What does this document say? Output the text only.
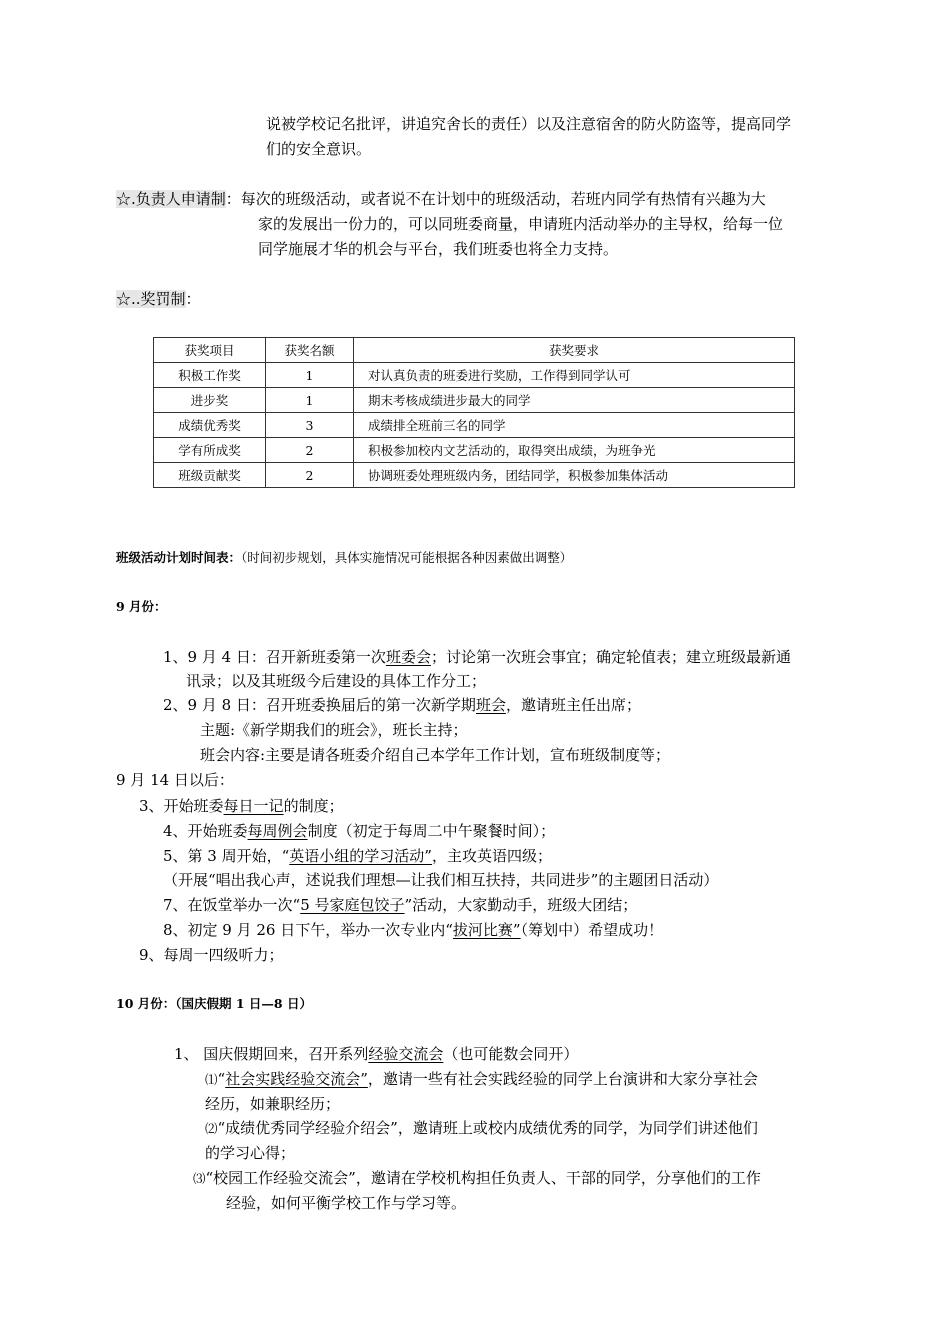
说被学校记名批评，讲追究舍长的责任）以及注意宿舍的防火防盗等，提高同学
们的安全意识。
☆.负责人申请制：每次的班级活动，或者说不在计划中的班级活动，若班内同学有热情有兴趣为大
家的发展出一份力的，可以同班委商量，申请班内活动举办的主导权，给每一位
同学施展才华的机会与平台，我们班委也将全力支持。
☆..奖罚制：
获奖项目	获奖名额	获奖要求
积极工作奖	1	对认真负责的班委进行奖励，工作得到同学认可
进步奖	1	期末考核成绩进步最大的同学
成绩优秀奖	3	成绩排全班前三名的同学
学有所成奖	2	积极参加校内文艺活动的，取得突出成绩，为班争光
班级贡献奖	2	协调班委处理班级内务，团结同学，积极参加集体活动
班级活动计划时间表：（时间初步规划，具体实施情况可能根据各种因素做出调整）
9 月份：
1、9 月 4 日：召开新班委第一次班委会；讨论第一次班会事宜；确定轮值表；建立班级最新通
讯录；以及其班级今后建设的具体工作分工；
2、9 月 8 日：召开班委换届后的第一次新学期班会，邀请班主任出席；
主题:《新学期我们的班会》，班长主持；
班会内容:主要是请各班委介绍自己本学年工作计划，宣布班级制度等；
9 月 14 日以后：
3、开始班委每日一记的制度；
4、开始班委每周例会制度（初定于每周二中午聚餐时间）；
5、第 3 周开始，“英语小组的学习活动”，主攻英语四级；
（开展“唱出我心声，述说我们理想—让我们相互扶持，共同进步”的主题团日活动）
7、在饭堂举办一次“5 号家庭包饺子”活动，大家勤动手，班级大团结；
8、初定 9 月 26 日下午，举办一次专业内“拔河比赛”（筹划中）希望成功！
9、每周一四级听力；
10 月份：（国庆假期 1 日—8 日）
1、 国庆假期回来，召开系列经验交流会（也可能数会同开）
⑴“社会实践经验交流会”，邀请一些有社会实践经验的同学上台演讲和大家分享社会
经历，如兼职经历；
⑵“成绩优秀同学经验介绍会”，邀请班上或校内成绩优秀的同学，为同学们讲述他们
的学习心得；
⑶“校园工作经验交流会”，邀请在学校机构担任负责人、干部的同学，分享他们的工作
经验，如何平衡学校工作与学习等。
